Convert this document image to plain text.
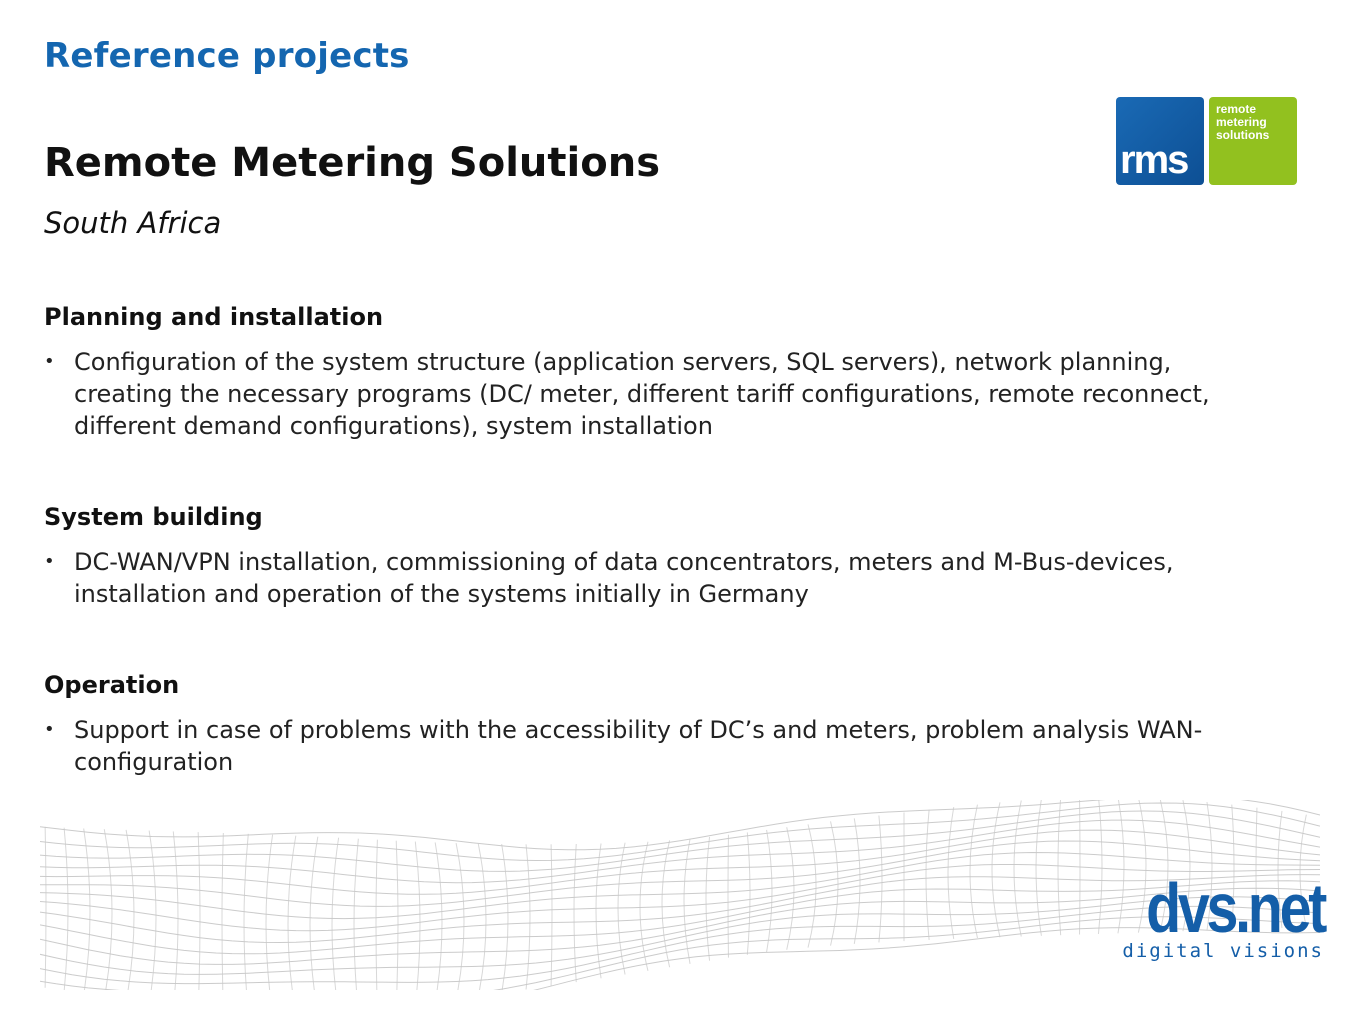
Reference projects
rms
remote
metering
solutions
Remote Metering Solutions

South Africa

Planning and installation
• Configuration of the system structure (application servers, SQL servers), network planning, creating the necessary programs (DC/ meter, different tariff configurations, remote reconnect, different demand configurations), system installation
System building
• DC-WAN/VPN installation, commissioning of data concentrators, meters and M-Bus-devices, installation and operation of the systems initially in Germany
Operation
• Support in case of problems with the accessibility of DC’s and meters, problem analysis WAN-configuration

dvs.net

digital visions
